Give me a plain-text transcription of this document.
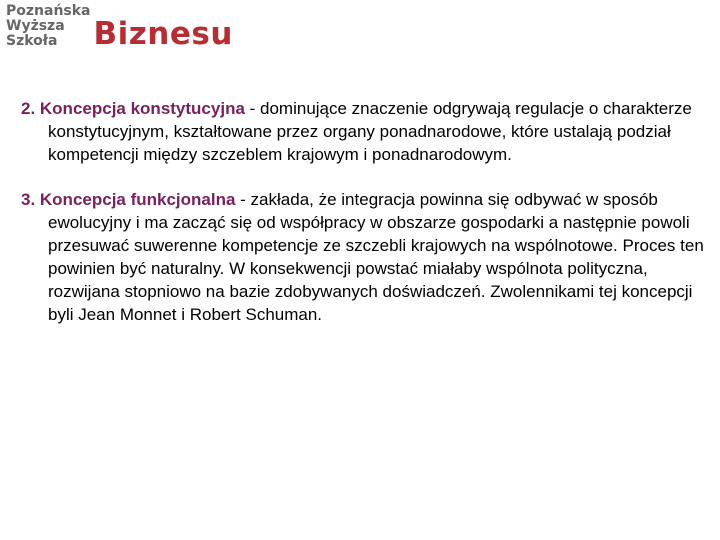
Poznańska
Wyższa
Szkoła	Biznesu

2. Koncepcja konstytucyjna - dominujące znaczenie odgrywają regulacje o charakterze konstytucyjnym, kształtowane przez organy ponadnarodowe, które ustalają podział kompetencji między szczeblem krajowym i ponadnarodowym.

3. Koncepcja funkcjonalna - zakłada, że integracja powinna się odbywać w sposób ewolucyjny i ma zacząć się od współpracy w obszarze gospodarki a następnie powoli przesuwać suwerenne kompetencje ze szczebli krajowych na wspólnotowe. Proces ten powinien być naturalny. W konsekwencji powstać miałaby wspólnota polityczna, rozwijana stopniowo na bazie zdobywanych doświadczeń. Zwolennikami tej koncepcji byli Jean Monnet i Robert Schuman.
